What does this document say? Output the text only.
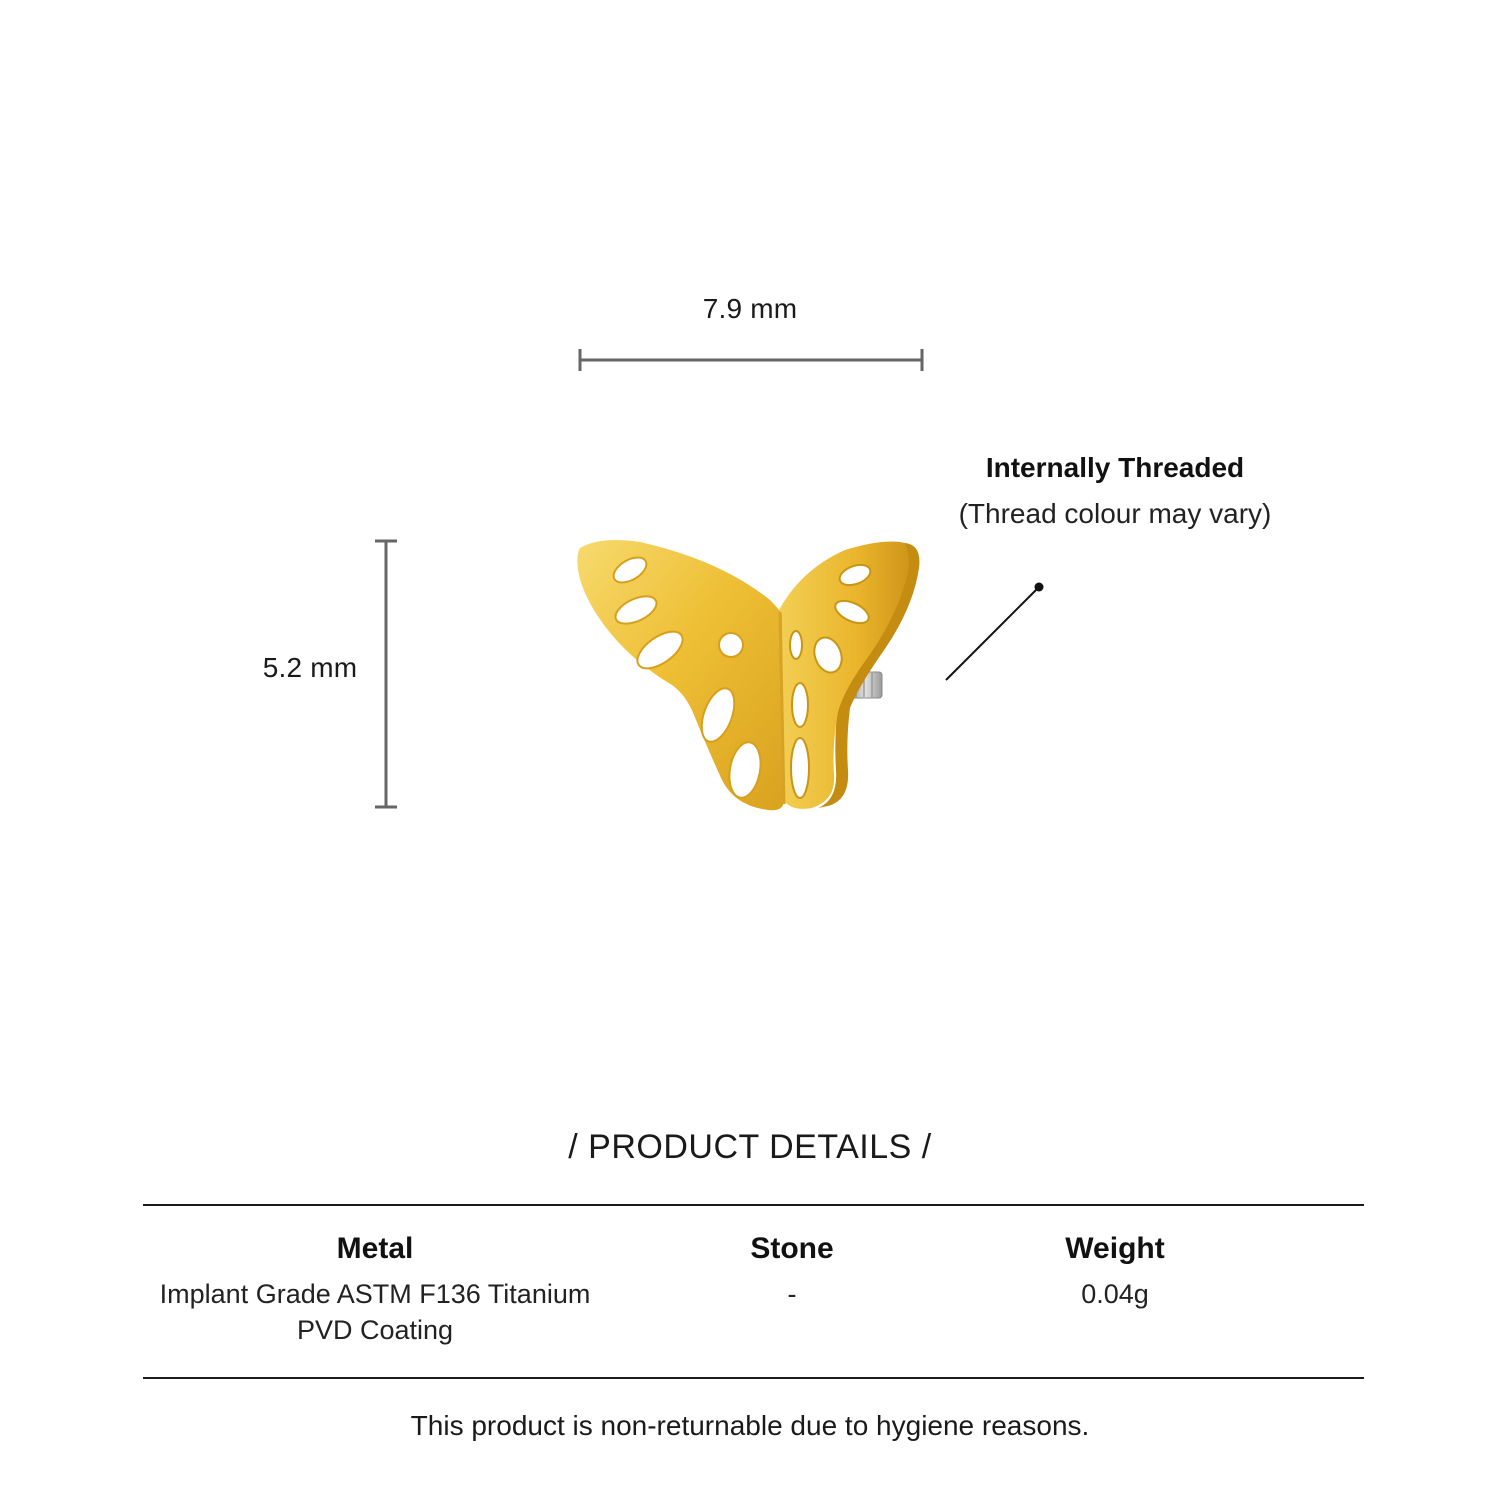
7.9 mm
5.2 mm
Internally Threaded
(Thread colour may vary)
/ PRODUCT DETAILS /
Metal
Implant Grade ASTM F136 Titanium
PVD Coating
Stone
-
Weight
0.04g
This product is non-returnable due to hygiene reasons.
